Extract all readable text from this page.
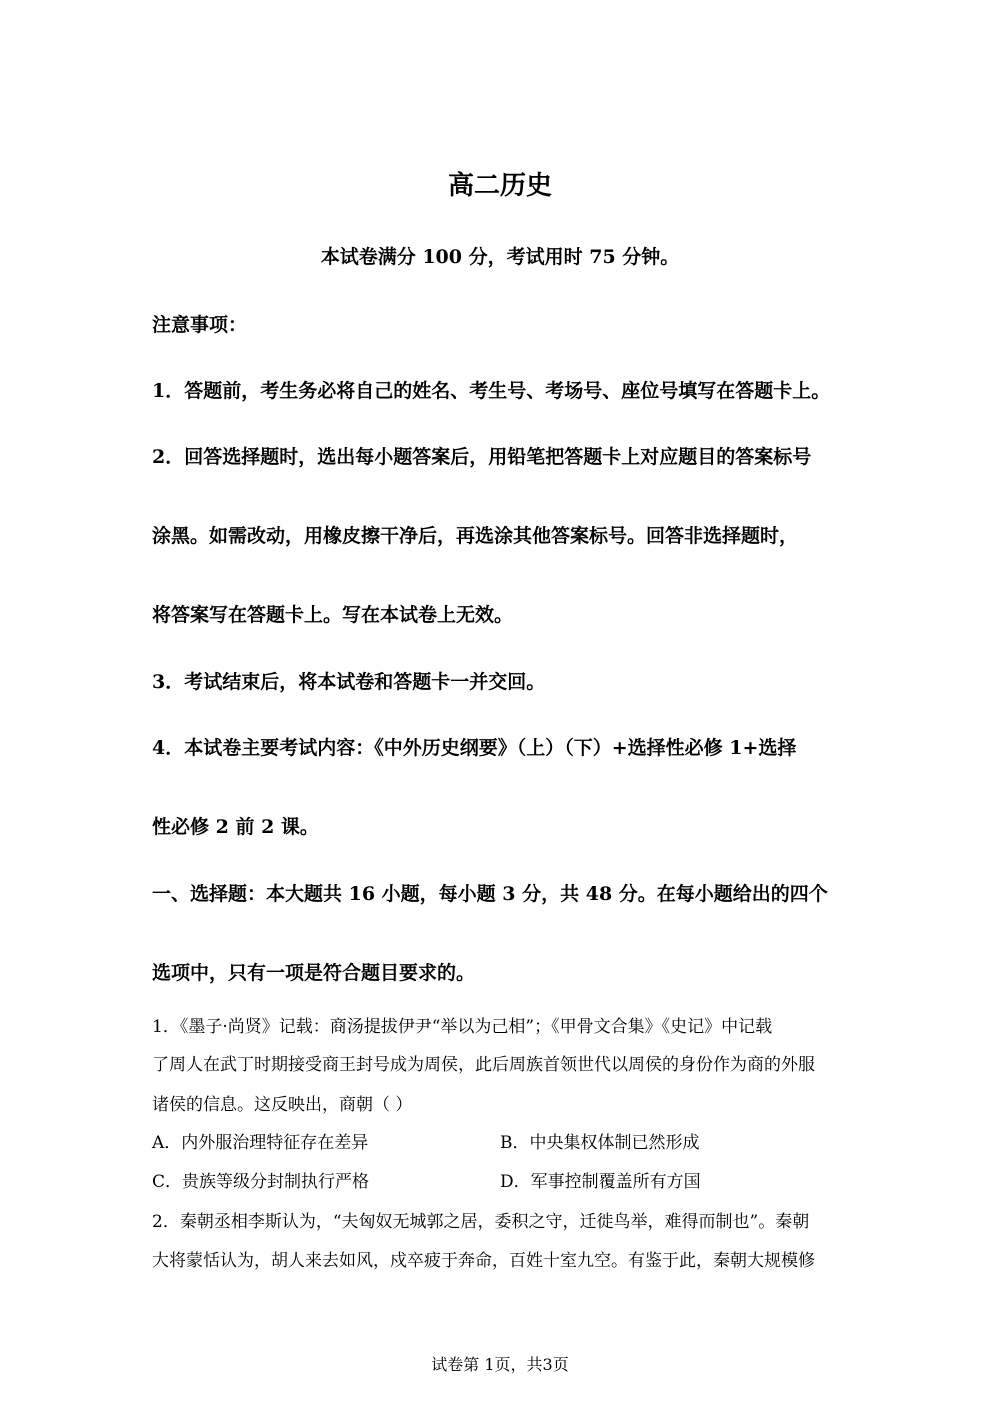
高二历史
本试卷满分 100 分，考试用时 75 分钟。
注意事项：
1．答题前，考生务必将自己的姓名、考生号、考场号、座位号填写在答题卡上。
2．回答选择题时，选出每小题答案后，用铅笔把答题卡上对应题目的答案标号
涂黑。如需改动，用橡皮擦干净后，再选涂其他答案标号。回答非选择题时，
将答案写在答题卡上。写在本试卷上无效。
3．考试结束后，将本试卷和答题卡一并交回。
4．本试卷主要考试内容：《中外历史纲要》（上）（下）+选择性必修 1+选择
性必修 2 前 2 课。
一、选择题：本大题共 16 小题，每小题 3 分，共 48 分。在每小题给出的四个
选项中，只有一项是符合题目要求的。
1．《墨子·尚贤》记载：商汤提拔伊尹“举以为己相”；《甲骨文合集》《史记》中记载
了周人在武丁时期接受商王封号成为周侯，此后周族首领世代以周侯的身份作为商的外服
诸侯的信息。这反映出，商朝（ ）
A．内外服治理特征存在差异	B．中央集权体制已然形成
C．贵族等级分封制执行严格	D．军事控制覆盖所有方国
2．秦朝丞相李斯认为，“夫匈奴无城郭之居，委积之守，迁徙鸟举，难得而制也”。秦朝
大将蒙恬认为，胡人来去如风，戍卒疲于奔命，百姓十室九空。有鉴于此，秦朝大规模修
试卷第 1页，共3页
